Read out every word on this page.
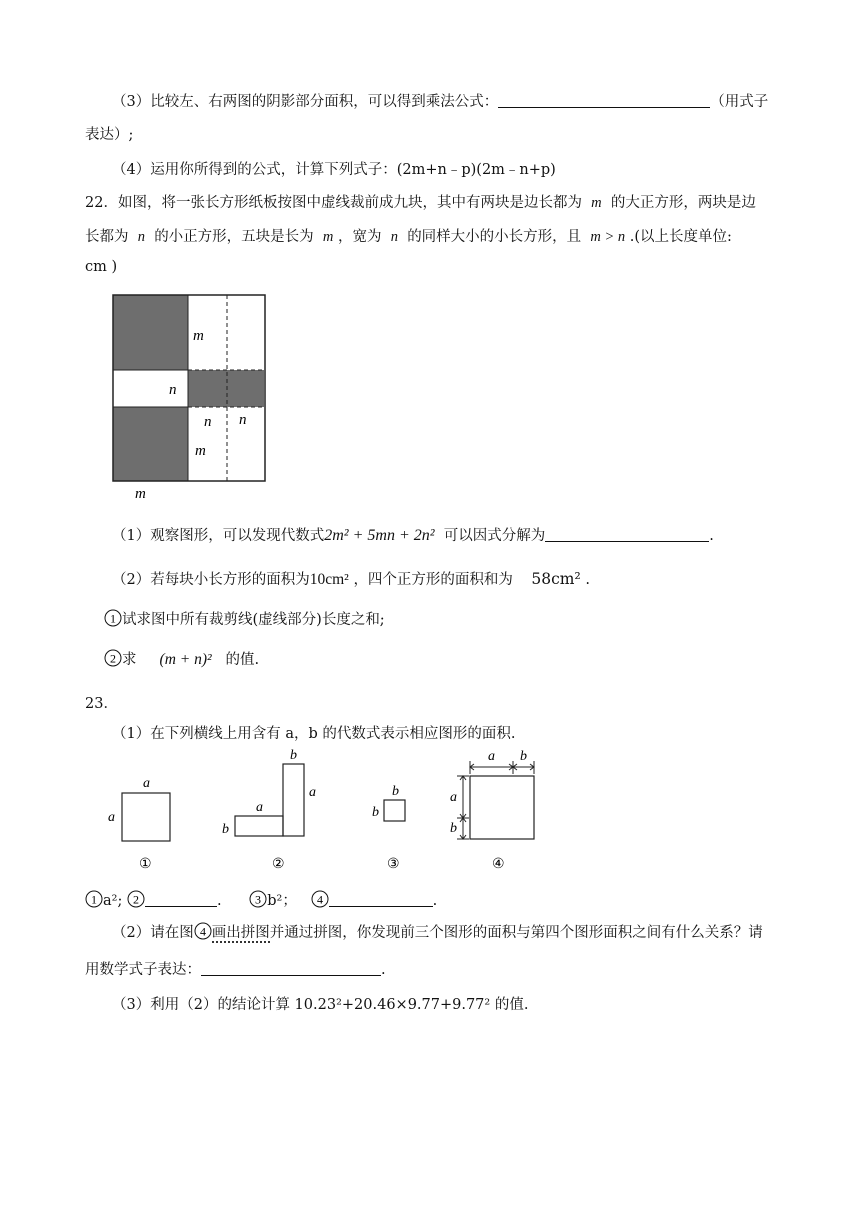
（3）比较左、右两图的阴影部分面积，可以得到乘法公式：	（用式子
表达）;
（4）运用你所得到的公式，计算下列式子：(2m+n﹣p)(2m﹣n+p)
22．如图，将一张长方形纸板按图中虚线裁前成九块，其中有两块是边长都为 m 的大正方形，两块是边
长都为 n 的小正方形，五块是长为 m ，宽为 n 的同样大小的小长方形，且 m > n .(以上长度单位:
cm )
m
n
n n
m
m
（1）观察图形，可以发现代数式2m² + 5mn + 2n² 可以因式分解为	.
（2）若每块小长方形的面积为10cm² ，四个正方形的面积和为 58cm² .
1 试求图中所有裁剪线(虚线部分)长度之和;
2 求 (m + n)² 的值.
23．
（1）在下列横线上用含有 a，b 的代数式表示相应图形的面积.
a
a
①
b
a
a
b
②
b
b
③
a b
a
b
④
1 a²; 2	.	3 b²； 4	.
（2）请在图 4 画出拼图并通过拼图，你发现前三个图形的面积与第四个图形面积之间有什么关系？请
用数学式子表达：	.
（3）利用（2）的结论计算 10.23²+20.46×9.77+9.77² 的值.
